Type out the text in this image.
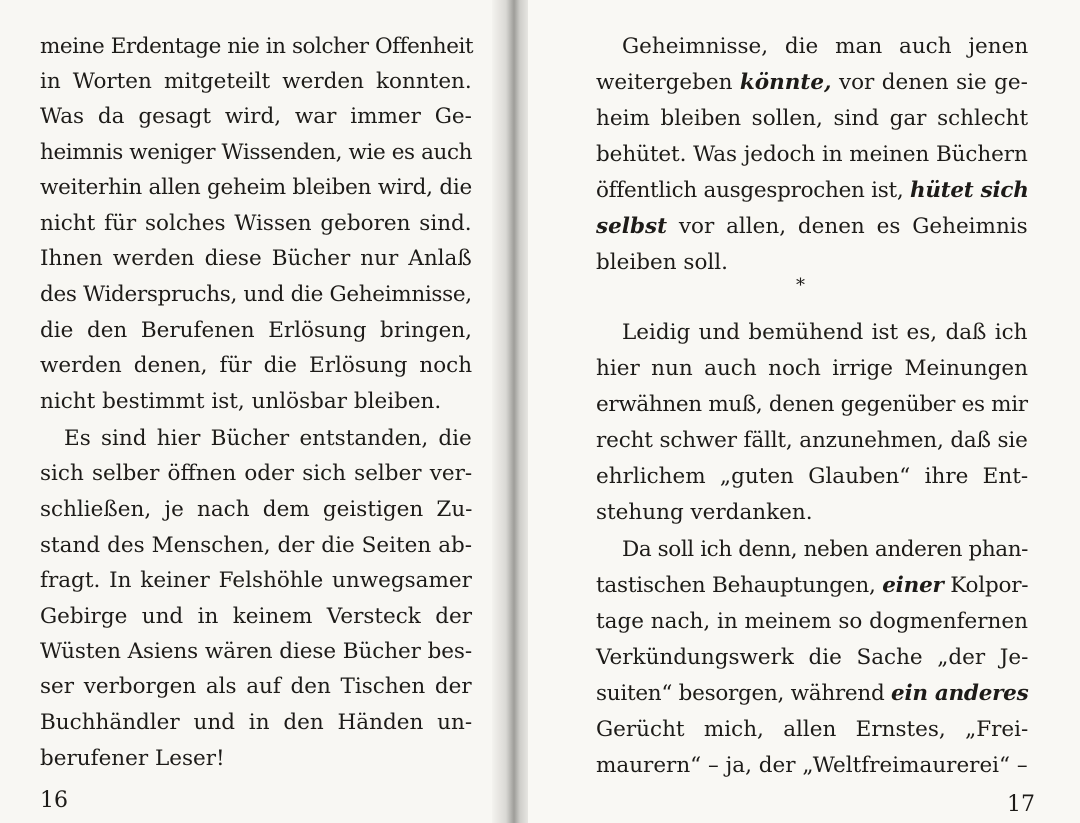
meine Erdentage nie in solcher Offenheit
in Worten mitgeteilt werden konnten.
Was da gesagt wird, war immer Ge-
heimnis weniger Wissenden, wie es auch
weiterhin allen geheim bleiben wird, die
nicht für solches Wissen geboren sind.
Ihnen werden diese Bücher nur Anlaß
des Widerspruchs, und die Geheimnisse,
die den Berufenen Erlösung bringen,
werden denen, für die Erlösung noch
nicht bestimmt ist, unlösbar bleiben.
Es sind hier Bücher entstanden, die
sich selber öffnen oder sich selber ver-
schließen, je nach dem geistigen Zu-
stand des Menschen, der die Seiten ab-
fragt. In keiner Felshöhle unwegsamer
Gebirge und in keinem Versteck der
Wüsten Asiens wären diese Bücher bes-
ser verborgen als auf den Tischen der
Buchhändler und in den Händen un-
berufener Leser!
16
Geheimnisse, die man auch jenen
weitergeben könnte, vor denen sie ge-
heim bleiben sollen, sind gar schlecht
behütet. Was jedoch in meinen Büchern
öffentlich ausgesprochen ist, hütet sich
selbst vor allen, denen es Geheimnis
bleiben soll.
*
Leidig und bemühend ist es, daß ich
hier nun auch noch irrige Meinungen
erwähnen muß, denen gegenüber es mir
recht schwer fällt, anzunehmen, daß sie
ehrlichem „guten Glauben“ ihre Ent-
stehung verdanken.
Da soll ich denn, neben anderen phan-
tastischen Behauptungen, einer Kolpor-
tage nach, in meinem so dogmenfernen
Verkündungswerk die Sache „der Je-
suiten“ besorgen, während ein anderes
Gerücht mich, allen Ernstes, „Frei-
maurern“ – ja, der „Weltfreimaurerei“ –
17
